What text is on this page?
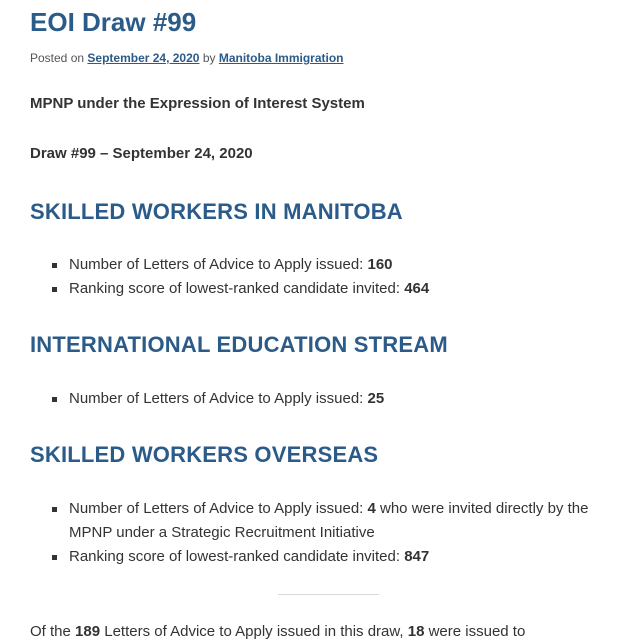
EOI Draw #99
Posted on September 24, 2020 by Manitoba Immigration

MPNP under the Expression of Interest System

Draw #99 – September 24, 2020

SKILLED WORKERS IN MANITOBA
Number of Letters of Advice to Apply issued: 160
Ranking score of lowest-ranked candidate invited: 464
INTERNATIONAL EDUCATION STREAM
Number of Letters of Advice to Apply issued: 25
SKILLED WORKERS OVERSEAS
Number of Letters of Advice to Apply issued: 4 who were invited directly by the MPNP under a Strategic Recruitment Initiative
Ranking score of lowest-ranked candidate invited: 847
Of the 189 Letters of Advice to Apply issued in this draw, 18 were issued to
